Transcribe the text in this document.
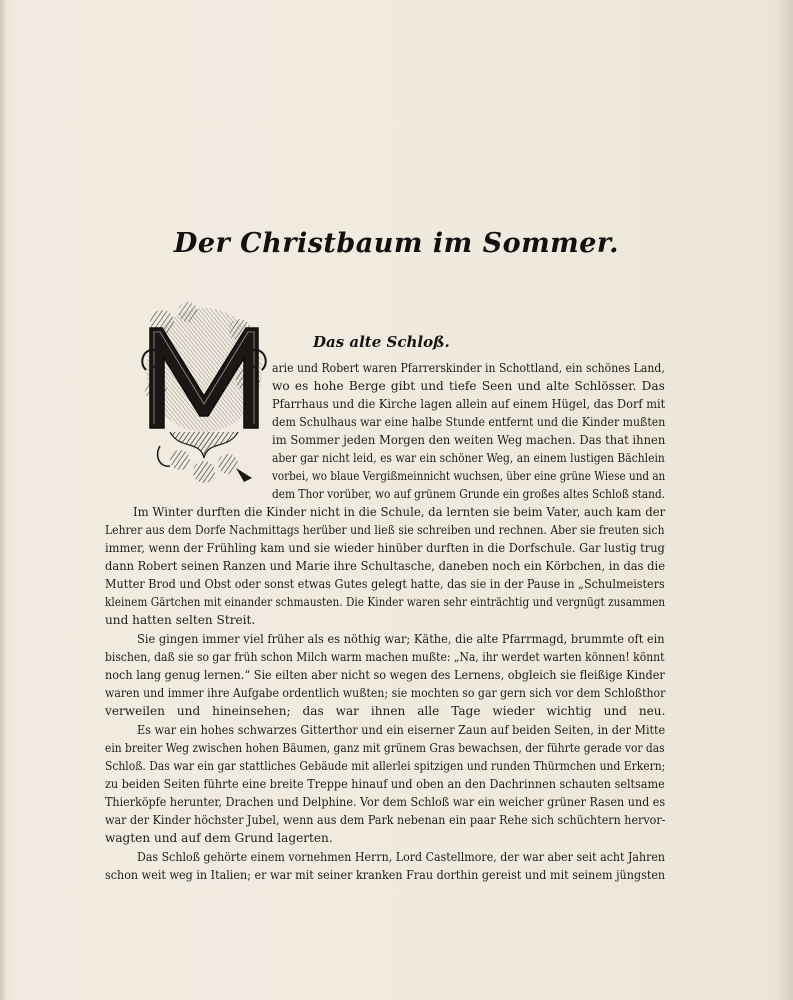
Der Christbaum im Sommer.
Das alte Schloß.
arie und Robert waren Pfarrerskinder in Schottland, ein schönes Land,
wo es hohe Berge gibt und tiefe Seen und alte Schlösser. Das
Pfarrhaus und die Kirche lagen allein auf einem Hügel, das Dorf mit
dem Schulhaus war eine halbe Stunde entfernt und die Kinder mußten
im Sommer jeden Morgen den weiten Weg machen. Das that ihnen
aber gar nicht leid, es war ein schöner Weg, an einem lustigen Bächlein
vorbei, wo blaue Vergißmeinnicht wuchsen, über eine grüne Wiese und an
dem Thor vorüber, wo auf grünem Grunde ein großes altes Schloß stand.
Im Winter durften die Kinder nicht in die Schule, da lernten sie beim Vater, auch kam der
Lehrer aus dem Dorfe Nachmittags herüber und ließ sie schreiben und rechnen. Aber sie freuten sich
immer, wenn der Frühling kam und sie wieder hinüber durften in die Dorfschule. Gar lustig trug
dann Robert seinen Ranzen und Marie ihre Schultasche, daneben noch ein Körbchen, in das die
Mutter Brod und Obst oder sonst etwas Gutes gelegt hatte, das sie in der Pause in „Schulmeisters
kleinem Gärtchen mit einander schmausten. Die Kinder waren sehr einträchtig und vergnügt zusammen
und hatten selten Streit.
Sie gingen immer viel früher als es nöthig war; Käthe, die alte Pfarrmagd, brummte oft ein
bischen, daß sie so gar früh schon Milch warm machen mußte: „Na, ihr werdet warten können! könnt
noch lang genug lernen.“ Sie eilten aber nicht so wegen des Lernens, obgleich sie fleißige Kinder
waren und immer ihre Aufgabe ordentlich wußten; sie mochten so gar gern sich vor dem Schloßthor
verweilen und hineinsehen; das war ihnen alle Tage wieder wichtig und neu.
Es war ein hohes schwarzes Gitterthor und ein eiserner Zaun auf beiden Seiten, in der Mitte
ein breiter Weg zwischen hohen Bäumen, ganz mit grünem Gras bewachsen, der führte gerade vor das
Schloß. Das war ein gar stattliches Gebäude mit allerlei spitzigen und runden Thürmchen und Erkern;
zu beiden Seiten führte eine breite Treppe hinauf und oben an den Dachrinnen schauten seltsame
Thierköpfe herunter, Drachen und Delphine. Vor dem Schloß war ein weicher grüner Rasen und es
war der Kinder höchster Jubel, wenn aus dem Park nebenan ein paar Rehe sich schüchtern hervor-
wagten und auf dem Grund lagerten.
Das Schloß gehörte einem vornehmen Herrn, Lord Castellmore, der war aber seit acht Jahren
schon weit weg in Italien; er war mit seiner kranken Frau dorthin gereist und mit seinem jüngsten
